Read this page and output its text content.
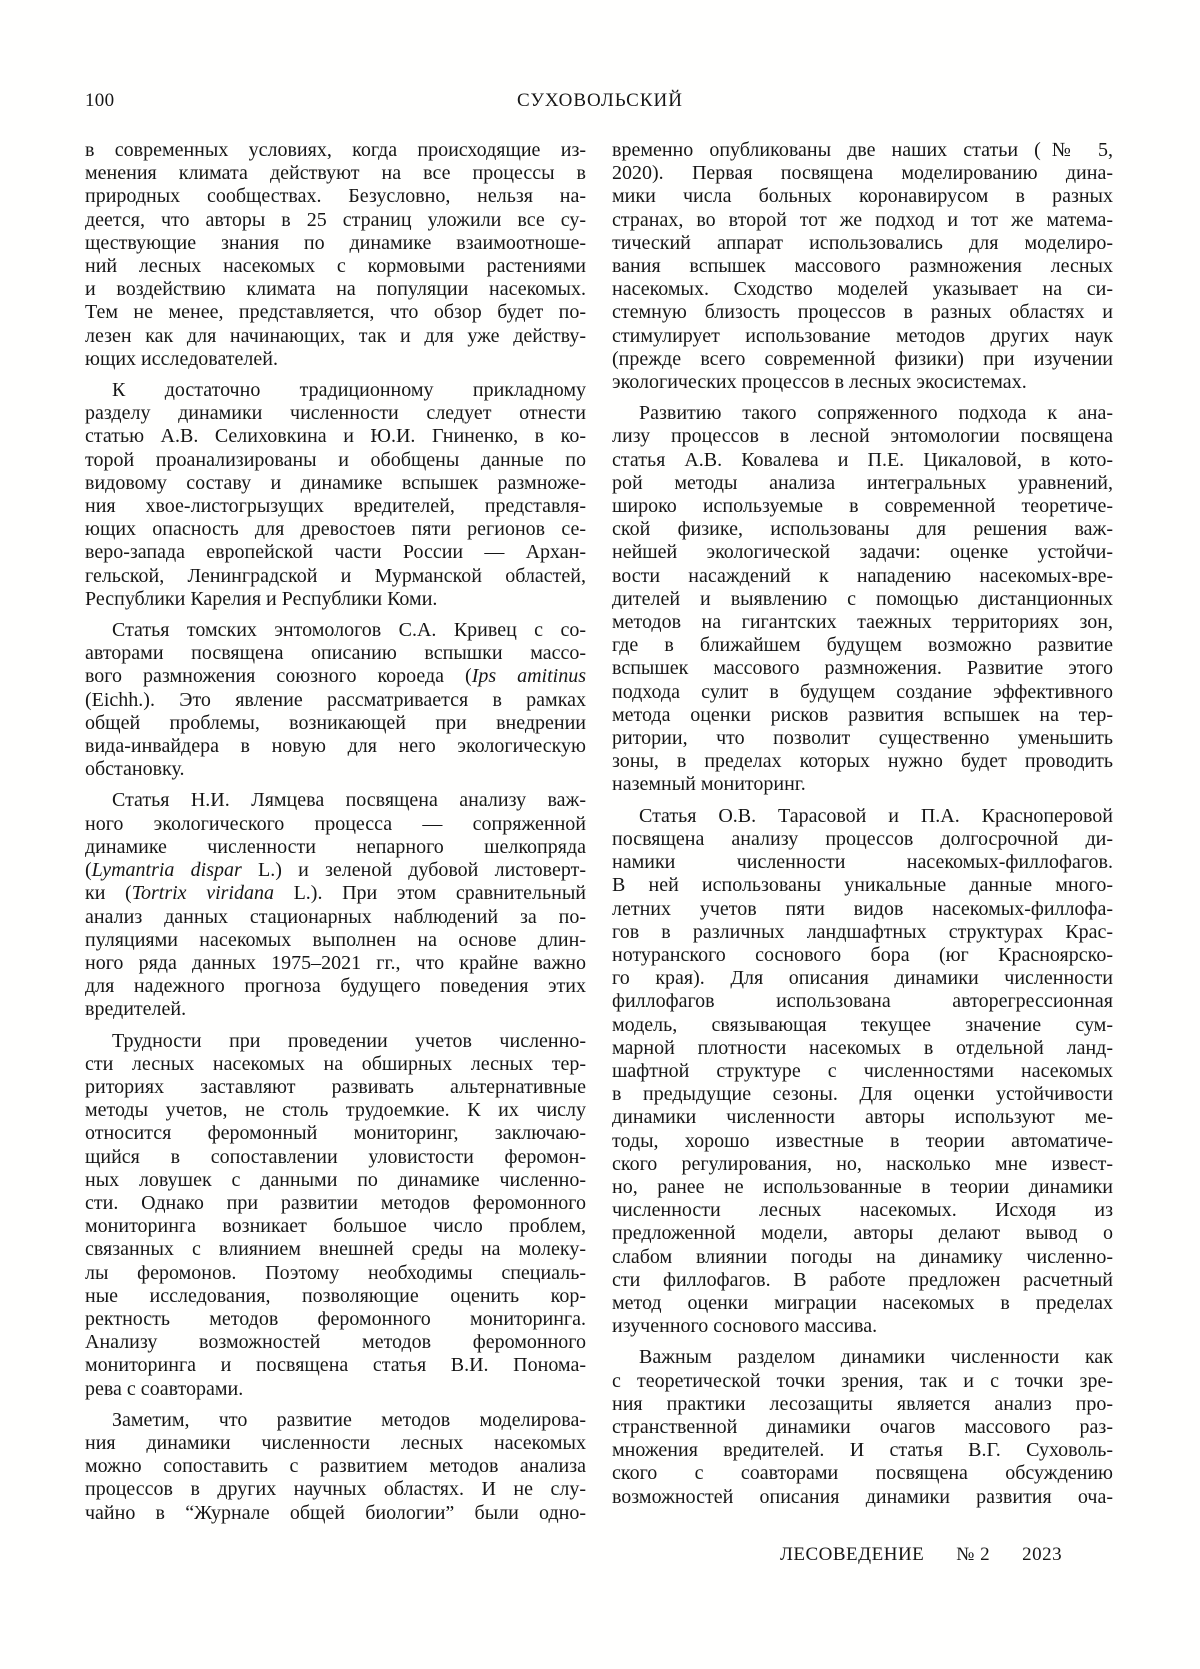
100	СУХОВОЛЬСКИЙ
в современных условиях, когда происходящие из-
менения климата действуют на все процессы в
природных сообществах. Безусловно, нельзя на-
деется, что авторы в 25 страниц уложили все су-
ществующие знания по динамике взаимоотноше-
ний лесных насекомых с кормовыми растениями
и воздействию климата на популяции насекомых.
Тем не менее, представляется, что обзор будет по-
лезен как для начинающих, так и для уже действу-
ющих исследователей.
К достаточно традиционному прикладному
разделу динамики численности следует отнести
статью А.В. Селиховкина и Ю.И. Гниненко, в ко-
торой проанализированы и обобщены данные по
видовому составу и динамике вспышек размноже-
ния хвое-листогрызущих вредителей, представля-
ющих опасность для древостоев пяти регионов се-
веро-запада европейской части России — Архан-
гельской, Ленинградской и Мурманской областей,
Республики Карелия и Республики Коми.
Статья томских энтомологов С.А. Кривец с со-
авторами посвящена описанию вспышки массо-
вого размножения союзного короеда (Ips amitinus
(Eichh.). Это явление рассматривается в рамках
общей проблемы, возникающей при внедрении
вида-инвайдера в новую для него экологическую
обстановку.
Статья Н.И. Лямцева посвящена анализу важ-
ного экологического процесса — сопряженной
динамике численности непарного шелкопряда
(Lymantria dispar L.) и зеленой дубовой листоверт-
ки (Tortrix viridana L.). При этом сравнительный
анализ данных стационарных наблюдений за по-
пуляциями насекомых выполнен на основе длин-
ного ряда данных 1975–2021 гг., что крайне важно
для надежного прогноза будущего поведения этих
вредителей.
Трудности при проведении учетов численно-
сти лесных насекомых на обширных лесных тер-
риториях заставляют развивать альтернативные
методы учетов, не столь трудоемкие. К их числу
относится феромонный мониторинг, заключаю-
щийся в сопоставлении уловистости феромон-
ных ловушек с данными по динамике численно-
сти. Однако при развитии методов феромонного
мониторинга возникает большое число проблем,
связанных с влиянием внешней среды на молеку-
лы феромонов. Поэтому необходимы специаль-
ные исследования, позволяющие оценить кор-
ректность методов феромонного мониторинга.
Анализу возможностей методов феромонного
мониторинга и посвящена статья В.И. Понома-
рева с соавторами.
Заметим, что развитие методов моделирова-
ния динамики численности лесных насекомых
можно сопоставить с развитием методов анализа
процессов в других научных областях. И не слу-
чайно в “Журнале общей биологии” были одно-
временно опубликованы две наших статьи (№ 5,
2020). Первая посвящена моделированию дина-
мики числа больных коронавирусом в разных
странах, во второй тот же подход и тот же матема-
тический аппарат использовались для моделиро-
вания вспышек массового размножения лесных
насекомых. Сходство моделей указывает на си-
стемную близость процессов в разных областях и
стимулирует использование методов других наук
(прежде всего современной физики) при изучении
экологических процессов в лесных экосистемах.
Развитию такого сопряженного подхода к ана-
лизу процессов в лесной энтомологии посвящена
статья А.В. Ковалева и П.Е. Цикаловой, в кото-
рой методы анализа интегральных уравнений,
широко используемые в современной теоретиче-
ской физике, использованы для решения важ-
нейшей экологической задачи: оценке устойчи-
вости насаждений к нападению насекомых-вре-
дителей и выявлению с помощью дистанционных
методов на гигантских таежных территориях зон,
где в ближайшем будущем возможно развитие
вспышек массового размножения. Развитие этого
подхода сулит в будущем создание эффективного
метода оценки рисков развития вспышек на тер-
ритории, что позволит существенно уменьшить
зоны, в пределах которых нужно будет проводить
наземный мониторинг.
Статья О.В. Тарасовой и П.А. Красноперовой
посвящена анализу процессов долгосрочной ди-
намики численности насекомых-филлофагов.
В ней использованы уникальные данные много-
летних учетов пяти видов насекомых-филлофа-
гов в различных ландшафтных структурах Крас-
нотуранского соснового бора (юг Красноярско-
го края). Для описания динамики численности
филлофагов использована авторегрессионная
модель, связывающая текущее значение сум-
марной плотности насекомых в отдельной ланд-
шафтной структуре с численностями насекомых
в предыдущие сезоны. Для оценки устойчивости
динамики численности авторы используют ме-
тоды, хорошо известные в теории автоматиче-
ского регулирования, но, насколько мне извест-
но, ранее не использованные в теории динамики
численности лесных насекомых. Исходя из
предложенной модели, авторы делают вывод о
слабом влиянии погоды на динамику численно-
сти филлофагов. В работе предложен расчетный
метод оценки миграции насекомых в пределах
изученного соснового массива.
Важным разделом динамики численности как
с теоретической точки зрения, так и с точки зре-
ния практики лесозащиты является анализ про-
странственной динамики очагов массового раз-
множения вредителей. И статья В.Г. Суховоль-
ского с соавторами посвящена обсуждению
возможностей описания динамики развития оча-
ЛЕСОВЕДЕНИЕ № 2 2023
